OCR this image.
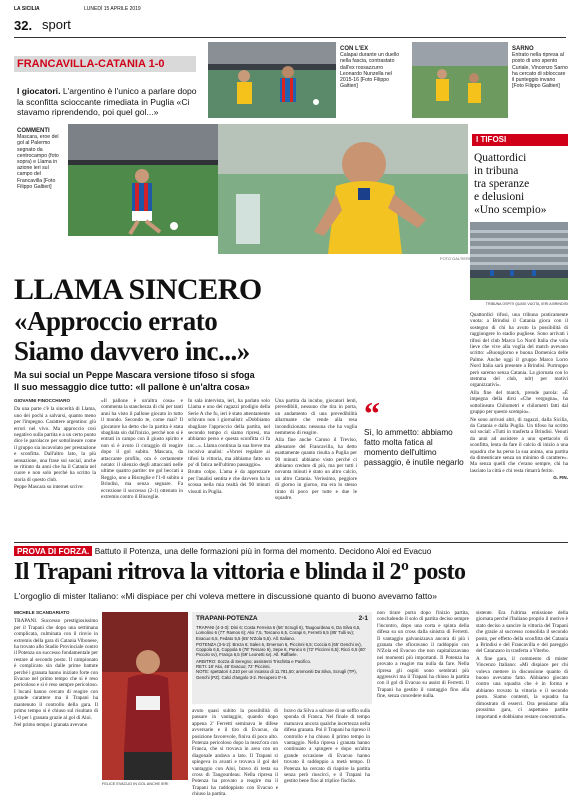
LA SICILIA	LUNEDÌ 15 APRILE 2019
32. sport
FRANCAVILLA-CATANIA 1-0
I giocatori. L'argentino è l'unico a parlare dopo la sconfitta scioccante rimediata in Puglia «Ci stavamo riprendendo, poi quel gol...»
CON L'EX
Calapai durante un duello nella fascia, contrastato dall'ex rossazzurro Leonardo Nunzella nel 2015-16 [Foto Filippo Galtieri]
SARNO
Entrato nella ripresa al posto di uno spento Curiale, Vincenzo Sarno ha cercato di sbloccare il punteggio invano [Foto Filippo Galtieri]
COMMENTI
Mascara, eroe del gol al Palermo segnato da centrocampo (foto sopra) e Llama in azione ieri sul campo del Francavilla [Foto Filippo Galtieri]
FOTO GALTIERI
I TIFOSI
Quattordici
in tribuna
tra speranze
e delusioni
«Uno scempio»
TRIBUNA OSPITI QUASI VUOTA, IERI A BRINDISI
LLAMA SINCERO
«Approccio errato
Siamo davvero inc...»
Ma sui social un Peppe Mascara versione tifoso si sfoga
Il suo messaggio dice tutto: «Il pallone è un'altra cosa»
GIOVANNI FINOCCHIARO

Da una parte c'è la sincerità di Llama, uno dei pochi a salvarsi, quanto meno per l'impegno. Carattere argentino: giù errori nel vivo. Ma approccio così negativo sulla partita e a un certo punto dice le parolacce per sottolineare come il gruppo sia incavolato per prestazione e sconfitta. Dall'altro lato, la più sensazione, una frase sui social, anche se ritirato da anni che ha il Catania nel cuore e non solo perché ha scritto la storia di questo club.

Peppe Mascara su internet scrive:

«Il pallone è un'altra cosa» e commenta la stanchezza di chi per tanti anni ha visto il pallone giocato in tutto il mondo. Secondo te, come mai? Il giocatore ha detto che la partita è stata sbagliata sin dall'inizio, perché non si è entrati in campo con il giusto spirito e non si è avuto il coraggio di reagire dopo il gol subito. Mascara, da attaccante profilo, ora è certamente notato: il silenzio degli attaccanti nelle ultime quattro partite: tre gol beccati a Reggio, uno a Bisceglie e l'1-0 subìto a Brindisi, ma senza segnare. Fa eccezione il successo (2-1) ottenuto in extremis contro il Bisceglie.

In sala intervista, ieri, ha parlato solo Llama e uno dei ragazzi prodigio della Serie A che fu, ieri è stato attentamente schivato non i giornalisti: «Dobbiamo sbagliare l'approccio della partita, nel secondo tempo ci siamo ripresi, ma abbiamo perso e questa sconfitta ci fa inc...». Llama continua la sua breve ma incisiva analisi: «Vorrei regalare ai tifosi la vittoria, ma abbiamo fatto un po' di fatica nell'ultimo passaggio».

Brutto colpo. L'ama è da apprezzare per l'analisi sentita e che davvero ha la scossa nella mia realtà dei 90 minuti vissuti in Puglia.

Una partita da incubo, giocatori lenti, prevedibili, nessuno che tira in porta, un andamento di una prevedibilità allarmante che rende alla resa incondizionata: nessuna che ha voglia nemmeno di reagire.

Alla fine anche Caruso il Treviso, allenatore del Francavilla, ha detto esattamente quanto risulta a Puglia per 90 minuti: abbiamo visto perché ci abbiamo creduto di più, ma per tutti i novanta minuti è stato un altro calcio, un altro Catania. Verissimo, peggiore di giorno in giorno, ma era lo stesso tirato di poco per tutte e due le squadre.

“
Sì, lo ammetto: abbiamo fatto molta fatica al momento dell'ultimo passaggio, è inutile negarlo

Quattordici tifosi, una tribuna praticamente vuota: a Brindisi il Catania gioca con il sostegno di chi ha avuto la possibilità di raggiungere lo stadio pugliese. Sono arrivati i tifosi del club Marco Lo Nord Italia che vola lieve che vive alla voglia del match avevano scritto: «Buongiorno e buona Domenica delle Palme. Anche oggi il gruppo Marco Lorro Nord Italia sarà presente a Brindisi. Purtroppo però saremo senza Catania. La giornata con lo stemma del club, ndr) per motivi organizzativi».

Alla fine del match, prende parola: «È impegna della dirsi «Che vergogna», ha sottolineato Chilometri e chilometri fatti dal gruppo per questo scempio».

Ne sono arrivati altri, di ragazzi, dalla Sicilia, da Catania e dalla Puglia. Un tifoso ha scritto sul social: «Tutti in trasferta a Brindisi. Venuti da anni ad assistere a uno spettacolo di sconfitta, lenta da fare il calcio di inizio a una squadra che ha perso la sua anima, una partita da dimenticare senza un minimo di carattere». Ma senza quelli che c'erano sempre, chi ha lasciato la città e chi resta rimarrà ferito.

G. FIN.

PROVA DI FORZA. Battuto il Potenza, una delle formazioni più in forma del momento. Decidono Aloi ed Evacuo
Il Trapani ritrova la vittoria e blinda il 2º posto
L'orgoglio di mister Italiano: «Mi dispiace per chi voleva mettere in discussione quanto di buono avevamo fatto»
MICHELE SCANDARIATO

TRAPANI. Successo prestigiosissimo per il Trapani che dopo una settimana complicata, culminata con il rinvio in extremis della gara di Catania Vibonese, ha trovato allo Stadio Provinciale contro il Potenza un successo fondamentale per restare al secondo posto. Il campionato è complicato sin dalle prime battute perché i granata hanno iniziato forte con Evacuo nel primo tempo che si è reso pericoloso e si è reso sempre pericoloso. I lucani hanno cercato di reagire con grande carattere ma il Trapani ha mantenuto il controllo della gara. Il primo tempo si è chiuso sul risultato di 1-0 per i granata grazie al gol di Aloi.

Nel primo tempo i granata avevano

FELICE EVACUO IN GOL ANCHE IERI
TRAPANI-POTENZA	2-1
TRAPANI (4-3-3): Dini 6; Costa Ferreira 6 (56' Scrugli 5), Taugourdeau 6, Da Silva 6,5, Lomolino 6 (77' Ramos 6); Aloi 7,5, Toscano 6,5, Corapi 6, Ferretti 6,5 (85' Tulli sv); Evacuo 6,5, Fedato 5,5 (65' N'Zola 5,5). All. Italiano.
POTENZA (3-5-2): Breza 6; Sales 6, Emerson 6, Piccinni 6,5; Coccia 6 (65' Genchi sv), Coppola 6,5, Coppola 6 (78' Tessaro 6), Sepe 6, Panico 6 (72' Piccinni 6,5); Ricci 6,5 (80' Piccolo sv), França 6,5 (59' Leonetti sv). All. Raffaele.
ARBITRO: Sozza di Seregno; assistenti Trischitta e Pacifico.
RETI: 18' Aloi, 48' Evacuo; 72' Piccinni.
NOTE: spettatori 4.210 per un incasso di 11.781,50; ammoniti Da Silva, Scrugli (TP), Genchi (PZ). Calci d'angolo 3-2. Recupero 0'+5.

avuto quasi subito la possibilità di passare in vantaggio, quando dopo appena 2' Ferretti seminava le difese avversarie e il tiro di Evacuo, da posizione favorevole, finiva di poco alto. Potenza pericoloso dopo la mezz'ora con Franca, che si trovava in area con un diagonale andava a lato. Il Trapani si spingeva in avanti e trovava il gol del vantaggio con Aloi, bravo di testa su cross di Taugourdeau. Nella ripresa il Potenza ha provato a reagire ma il Trapani ha raddoppiato con Evacuo e chiuso la partita.

bravo da Silva a salvare di un soffio sulla sponda di Franca. Nel finale di tempo maturava ancora qualche incertezza nella difesa granata. Poi il Trapani ha ripreso il controllo e ha chiuso il primo tempo in vantaggio. Nella ripresa i granata hanno continuato a spingere e dopo un'altra grande occasione di Evacuo hanno trovato il raddoppio a metà tempo. Il Potenza ha cercato di riaprire la partita senza però riuscirci, e il Trapani ha gestito bene fino al triplice fischio.

non tirare porta dopo l'inizio partita, concludendo il solo di partita deciso sempre l'incontro, dopo una corta e spinta della difesa su un cross dalla sinistra di Ferretti. Il vantaggio galvanizzava ancora di più i granata che sfioravano il raddoppio con N'Zola ed Evacuo che non capitalizzavano nei momenti più importanti. Il Potenza ha provato a reagire ma nulla da fare. Nella ripresa gli ospiti sono sembrati più aggressivi ma il Trapani ha chiuso la partita con il gol di Evacuo su assist di Ferretti. Il Trapani ha gestito il vantaggio fino alla fine, senza concedere nulla.

sistente. Era l'ultima emissione della giornata perché l'Italiano proprio il motivo è stato deciso a sancire la vittoria del Trapani che grazie al successo consolida il secondo posto, per effetto della sconfitta del Catania a Brindisi e del Francavilla e del pareggio del Catanzaro in trasferta a Viterbo.

A fine gara, il commento di mister Vincenzo Italiano: «Mi dispiace per chi voleva mettere in discussione quanto di buono avevamo fatto. Abbiamo giocato contro una squadra che è in forma e abbiamo trovato la vittoria e il secondo posto. Siamo contenti, la squadra ha dimostrato di esserci. Ora pensiamo alla prossima gara, ci aspettano partite importanti e dobbiamo restare concentrati».
